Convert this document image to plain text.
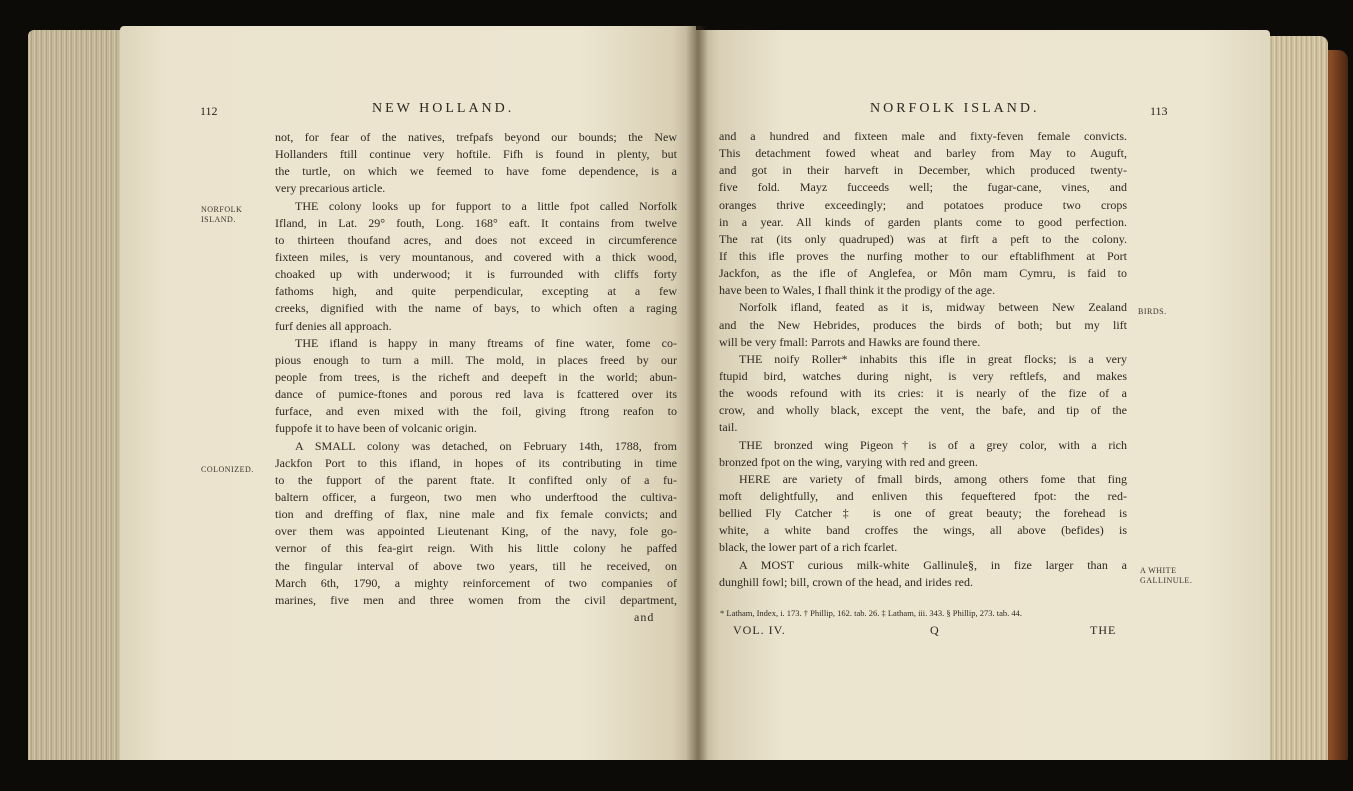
112	NEW HOLLAND.
NORFOLK ISLAND.
COLONIZED.
not, for fear of the natives, trefpafs beyond our bounds; the New
Hollanders ftill continue very hoftile. Fifh is found in plenty, but
the turtle, on which we feemed to have fome dependence, is a
very precarious article.
THE colony looks up for fupport to a little fpot called Norfolk
Ifland, in Lat. 29° fouth, Long. 168° eaft. It contains from twelve
to thirteen thoufand acres, and does not exceed in circumference
fixteen miles, is very mountanous, and covered with a thick wood,
choaked up with underwood; it is furrounded with cliffs forty
fathoms high, and quite perpendicular, excepting at a few
creeks, dignified with the name of bays, to which often a raging
furf denies all approach.
THE ifland is happy in many ftreams of fine water, fome co-
pious enough to turn a mill. The mold, in places freed by our
people from trees, is the richeft and deepeft in the world; abun-
dance of pumice-ftones and porous red lava is fcattered over its
furface, and even mixed with the foil, giving ftrong reafon to
fuppofe it to have been of volcanic origin.
A SMALL colony was detached, on February 14th, 1788, from
Jackfon Port to this ifland, in hopes of its contributing in time
to the fupport of the parent ftate. It confifted only of a fu-
baltern officer, a furgeon, two men who underftood the cultiva-
tion and dreffing of flax, nine male and fix female convicts; and
over them was appointed Lieutenant King, of the navy, fole go-
vernor of this fea-girt reign. With his little colony he paffed
the fingular interval of above two years, till he received, on
March 6th, 1790, a mighty reinforcement of two companies of
marines, five men and three women from the civil department,
and
NORFOLK ISLAND.	113
and a hundred and fixteen male and fixty-feven female convicts.
This detachment fowed wheat and barley from May to Auguft,
and got in their harveft in December, which produced twenty-
five fold. Mayz fucceeds well; the fugar-cane, vines, and
oranges thrive exceedingly; and potatoes produce two crops
in a year. All kinds of garden plants come to good perfection.
The rat (its only quadruped) was at firft a peft to the colony.
If this ifle proves the nurfing mother to our eftablifhment at Port
Jackfon, as the ifle of Anglefea, or Môn mam Cymru, is faid to
have been to Wales, I fhall think it the prodigy of the age.
Norfolk ifland, feated as it is, midway between New Zealand
and the New Hebrides, produces the birds of both; but my lift
will be very fmall: Parrots and Hawks are found there.
THE noify Roller* inhabits this ifle in great flocks; is a very
ftupid bird, watches during night, is very reftlefs, and makes
the woods refound with its cries: it is nearly of the fize of a
crow, and wholly black, except the vent, the bafe, and tip of the
tail.
THE bronzed wing Pigeon† is of a grey color, with a rich
bronzed fpot on the wing, varying with red and green.
HERE are variety of fmall birds, among others fome that fing
moft delightfully, and enliven this fequeftered fpot: the red-
bellied Fly Catcher‡ is one of great beauty; the forehead is
white, a white band croffes the wings, all above (befides) is
black, the lower part of a rich fcarlet.
A MOST curious milk-white Gallinule§, in fize larger than a
dunghill fowl; bill, crown of the head, and irides red.
BIRDS.
A WHITE GALLINULE.
* Latham, Index, i. 173. † Phillip, 162. tab. 26. ‡ Latham, iii. 343. § Phillip, 273. tab. 44.
VOL. IV.	Q	THE
